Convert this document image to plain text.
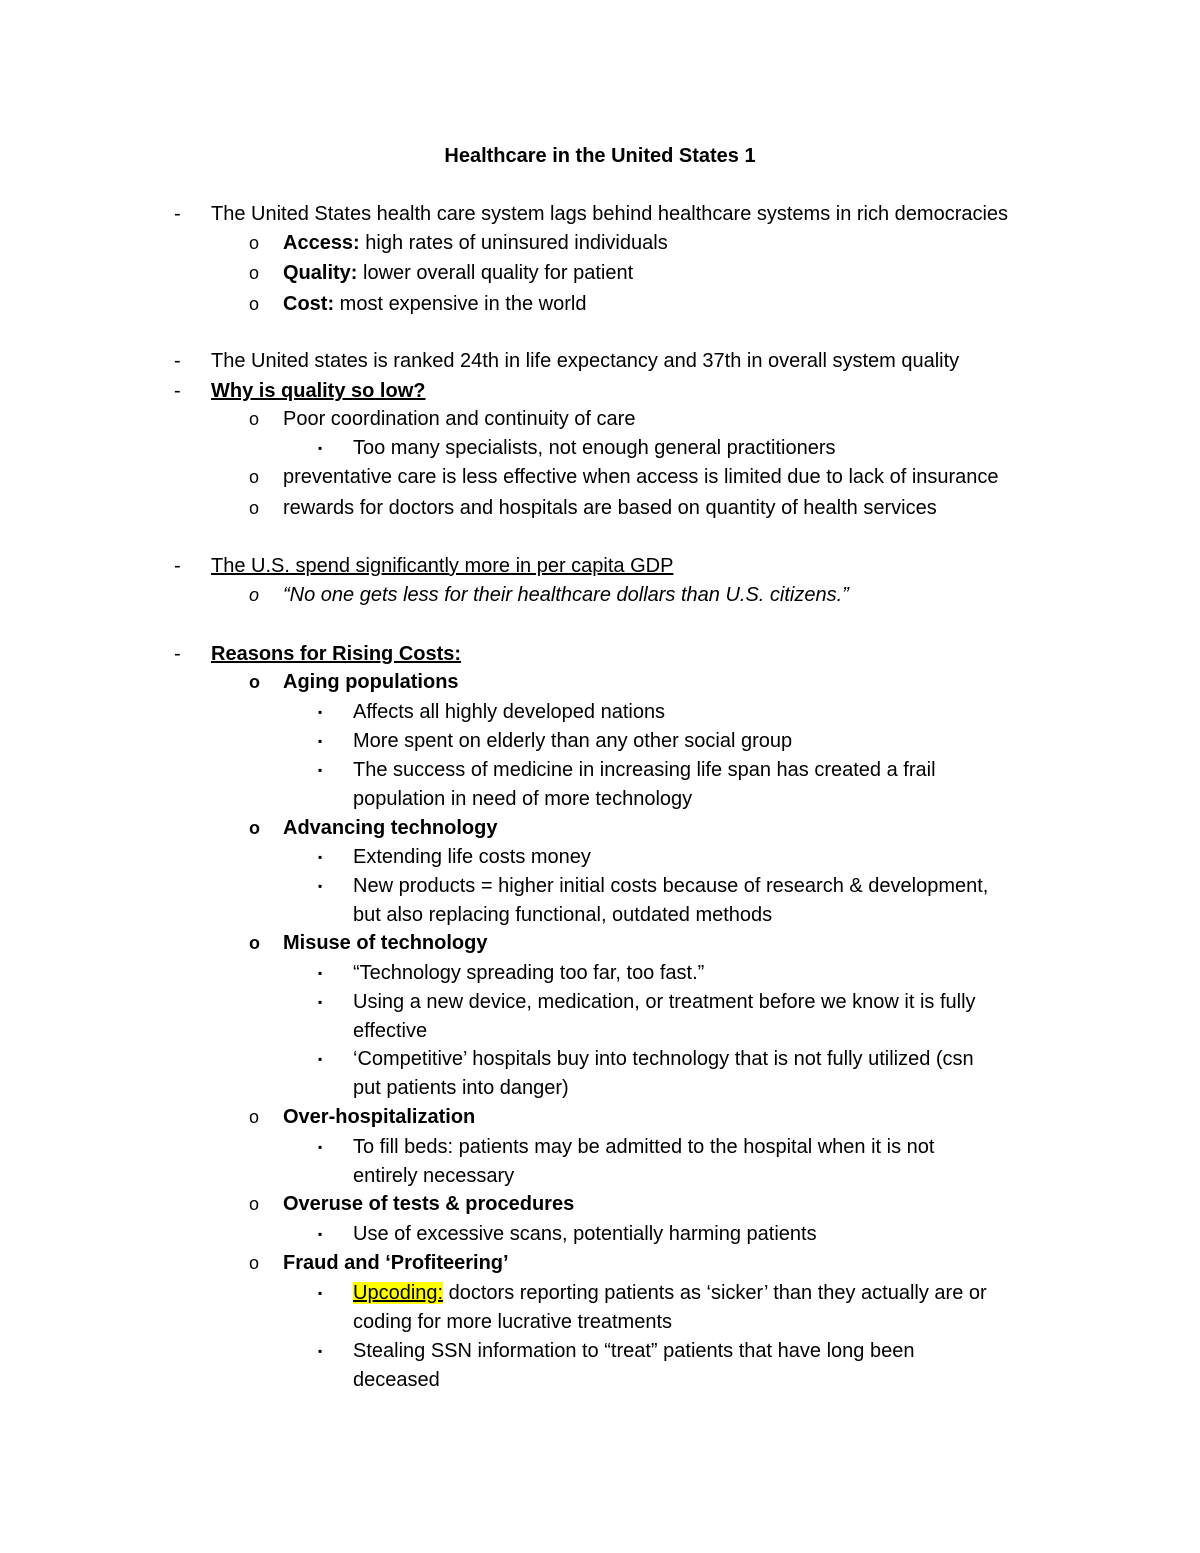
Healthcare in the United States 1
- The United States health care system lags behind healthcare systems in rich democracies
o Access: high rates of uninsured individuals
o Quality: lower overall quality for patient
o Cost: most expensive in the world
- The United states is ranked 24th in life expectancy and 37th in overall system quality
- Why is quality so low?
o Poor coordination and continuity of care
▪ Too many specialists, not enough general practitioners
o preventative care is less effective when access is limited due to lack of insurance
o rewards for doctors and hospitals are based on quantity of health services
- The U.S. spend significantly more in per capita GDP
o “No one gets less for their healthcare dollars than U.S. citizens.”
- Reasons for Rising Costs:
o Aging populations
▪ Affects all highly developed nations
▪ More spent on elderly than any other social group
▪ The success of medicine in increasing life span has created a frail
population in need of more technology
o Advancing technology
▪ Extending life costs money
▪ New products = higher initial costs because of research & development,
but also replacing functional, outdated methods
o Misuse of technology
▪ “Technology spreading too far, too fast.”
▪ Using a new device, medication, or treatment before we know it is fully
effective
▪ ‘Competitive’ hospitals buy into technology that is not fully utilized (csn
put patients into danger)
o Over-hospitalization
▪ To fill beds: patients may be admitted to the hospital when it is not
entirely necessary
o Overuse of tests & procedures
▪ Use of excessive scans, potentially harming patients
o Fraud and ‘Profiteering’
▪ Upcoding: doctors reporting patients as ‘sicker’ than they actually are or
coding for more lucrative treatments
▪ Stealing SSN information to “treat” patients that have long been
deceased
